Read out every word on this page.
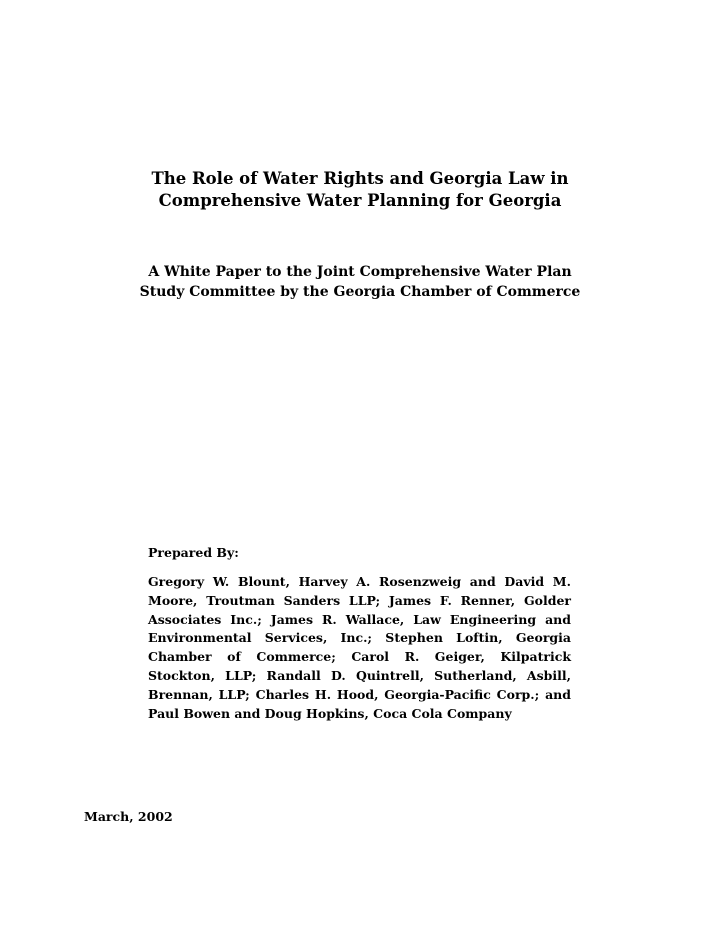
The Role of Water Rights and Georgia Law in
Comprehensive Water Planning for Georgia
A White Paper to the Joint Comprehensive Water Plan
Study Committee by the Georgia Chamber of Commerce
Prepared By:
Gregory W. Blount, Harvey A. Rosenzweig and David M. Moore, Troutman Sanders LLP; James F. Renner, Golder Associates Inc.; James R. Wallace, Law Engineering and Environmental Services, Inc.; Stephen Loftin, Georgia Chamber of Commerce; Carol R. Geiger, Kilpatrick Stockton, LLP; Randall D. Quintrell, Sutherland, Asbill, Brennan, LLP; Charles H. Hood, Georgia-Pacific Corp.; and Paul Bowen and Doug Hopkins, Coca Cola Company
March, 2002
